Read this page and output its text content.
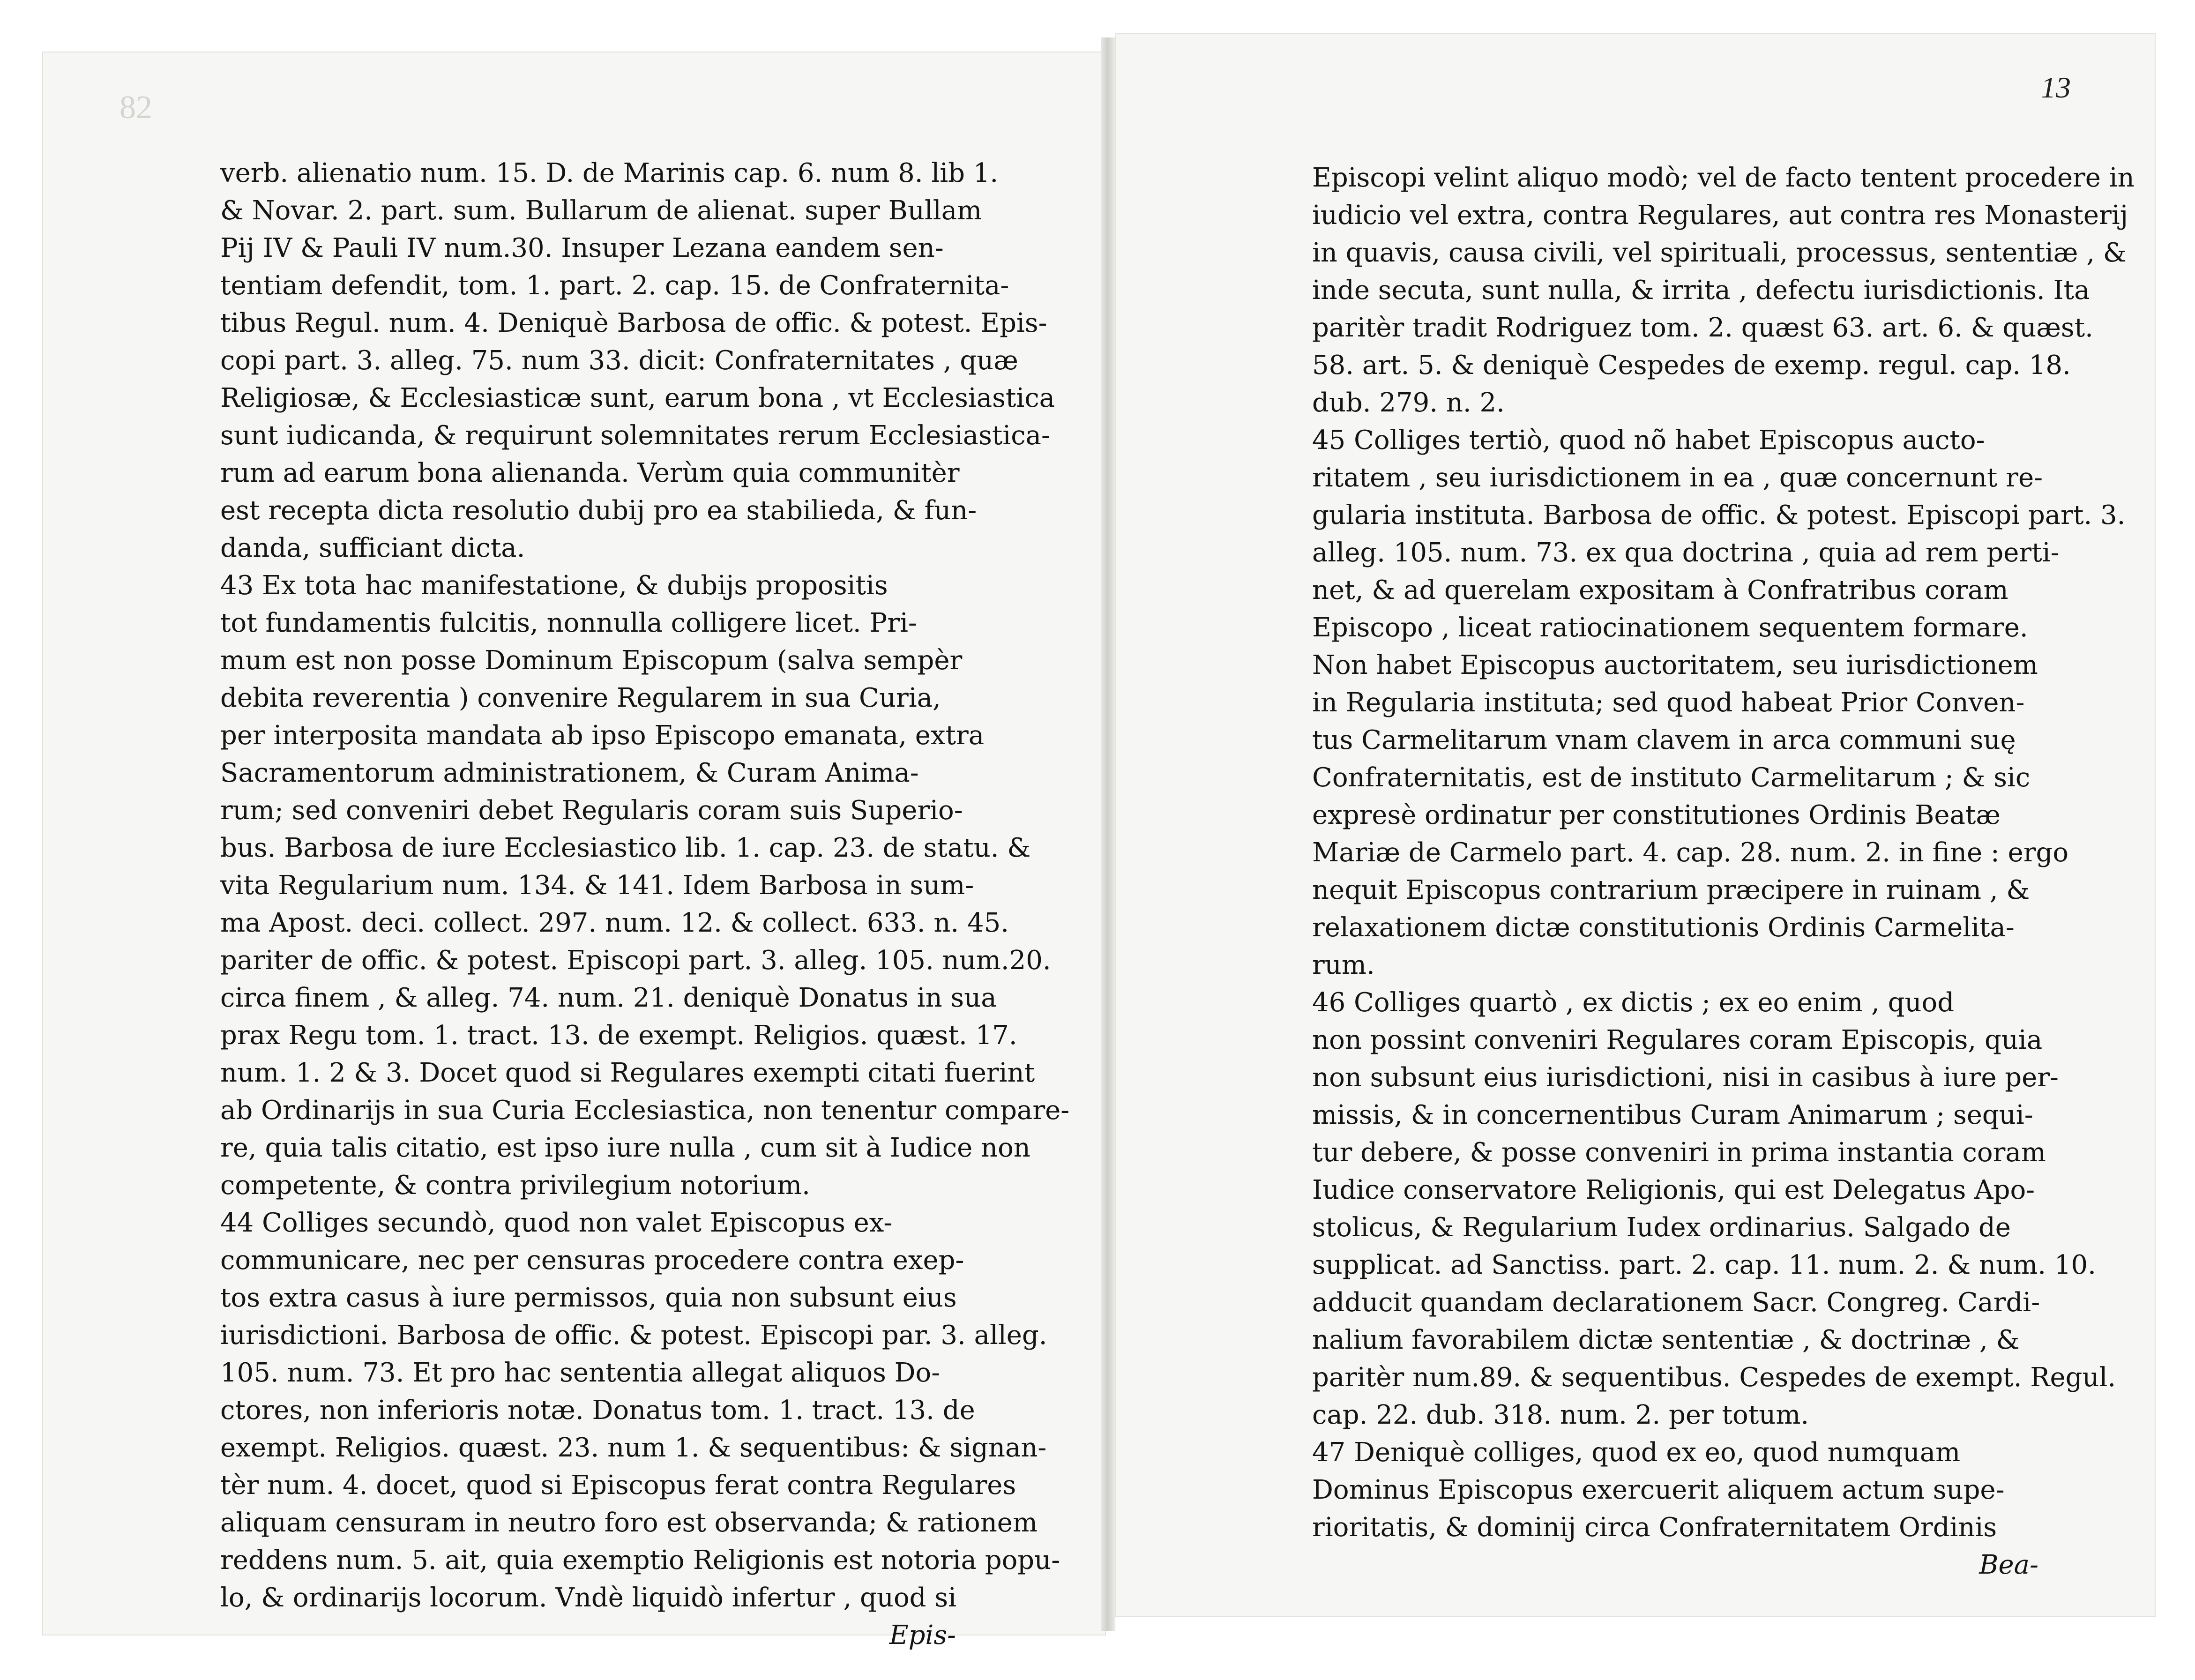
82
13
verb. alienatio num. 15. D. de Marinis cap. 6. num 8. lib 1.
& Novar. 2. part. sum. Bullarum de alienat. super Bullam
Pij IV & Pauli IV num.30. Insuper Lezana eandem sen-
tentiam defendit, tom. 1. part. 2. cap. 15. de Confraternita-
tibus Regul. num. 4. Deniquè Barbosa de offic. & potest. Epis-
copi part. 3. alleg. 75. num 33. dicit: Confraternitates , quæ
Religiosæ, & Ecclesiasticæ sunt, earum bona , vt Ecclesiastica
sunt iudicanda, & requirunt solemnitates rerum Ecclesiastica-
rum ad earum bona alienanda. Verùm quia communitèr
est recepta dicta resolutio dubij pro ea stabilieda, & fun-
danda, sufficiant dicta.
43 Ex tota hac manifestatione, & dubijs propositis
tot fundamentis fulcitis, nonnulla colligere licet. Pri-
mum est non posse Dominum Episcopum (salva sempèr
debita reverentia ) convenire Regularem in sua Curia,
per interposita mandata ab ipso Episcopo emanata, extra
Sacramentorum administrationem, & Curam Anima-
rum; sed conveniri debet Regularis coram suis Superio-
bus. Barbosa de iure Ecclesiastico lib. 1. cap. 23. de statu. &
vita Regularium num. 134. & 141. Idem Barbosa in sum-
ma Apost. deci. collect. 297. num. 12. & collect. 633. n. 45.
pariter de offic. & potest. Episcopi part. 3. alleg. 105. num.20.
circa finem , & alleg. 74. num. 21. deniquè Donatus in sua
prax Regu tom. 1. tract. 13. de exempt. Religios. quæst. 17.
num. 1. 2 & 3. Docet quod si Regulares exempti citati fuerint
ab Ordinarijs in sua Curia Ecclesiastica, non tenentur compare-
re, quia talis citatio, est ipso iure nulla , cum sit à Iudice non
competente, & contra privilegium notorium.
44 Colliges secundò, quod non valet Episcopus ex-
communicare, nec per censuras procedere contra exep-
tos extra casus à iure permissos, quia non subsunt eius
iurisdictioni. Barbosa de offic. & potest. Episcopi par. 3. alleg.
105. num. 73. Et pro hac sententia allegat aliquos Do-
ctores, non inferioris notæ. Donatus tom. 1. tract. 13. de
exempt. Religios. quæst. 23. num 1. & sequentibus: & signan-
tèr num. 4. docet, quod si Episcopus ferat contra Regulares
aliquam censuram in neutro foro est observanda; & rationem
reddens num. 5. ait, quia exemptio Religionis est notoria popu-
lo, & ordinarijs locorum. Vndè liquidò infertur , quod si
Epis-
Episcopi velint aliquo modò; vel de facto tentent procedere in
iudicio vel extra, contra Regulares, aut contra res Monasterij
in quavis, causa civili, vel spirituali, processus, sententiæ , &
inde secuta, sunt nulla, & irrita , defectu iurisdictionis. Ita
paritèr tradit Rodriguez tom. 2. quæst 63. art. 6. & quæst.
58. art. 5. & deniquè Cespedes de exemp. regul. cap. 18.
dub. 279. n. 2.
45 Colliges tertiò, quod nõ habet Episcopus aucto-
ritatem , seu iurisdictionem in ea , quæ concernunt re-
gularia instituta. Barbosa de offic. & potest. Episcopi part. 3.
alleg. 105. num. 73. ex qua doctrina , quia ad rem perti-
net, & ad querelam expositam à Confratribus coram
Episcopo , liceat ratiocinationem sequentem formare.
Non habet Episcopus auctoritatem, seu iurisdictionem
in Regularia instituta; sed quod habeat Prior Conven-
tus Carmelitarum vnam clavem in arca communi suę
Confraternitatis, est de instituto Carmelitarum ; & sic
expresè ordinatur per constitutiones Ordinis Beatæ
Mariæ de Carmelo part. 4. cap. 28. num. 2. in fine : ergo
nequit Episcopus contrarium præcipere in ruinam , &
relaxationem dictæ constitutionis Ordinis Carmelita-
rum.
46 Colliges quartò , ex dictis ; ex eo enim , quod
non possint conveniri Regulares coram Episcopis, quia
non subsunt eius iurisdictioni, nisi in casibus à iure per-
missis, & in concernentibus Curam Animarum ; sequi-
tur debere, & posse conveniri in prima instantia coram
Iudice conservatore Religionis, qui est Delegatus Apo-
stolicus, & Regularium Iudex ordinarius. Salgado de
supplicat. ad Sanctiss. part. 2. cap. 11. num. 2. & num. 10.
adducit quandam declarationem Sacr. Congreg. Cardi-
nalium favorabilem dictæ sententiæ , & doctrinæ , &
paritèr num.89. & sequentibus. Cespedes de exempt. Regul.
cap. 22. dub. 318. num. 2. per totum.
47 Deniquè colliges, quod ex eo, quod numquam
Dominus Episcopus exercuerit aliquem actum supe-
rioritatis, & dominij circa Confraternitatem Ordinis
Bea-
